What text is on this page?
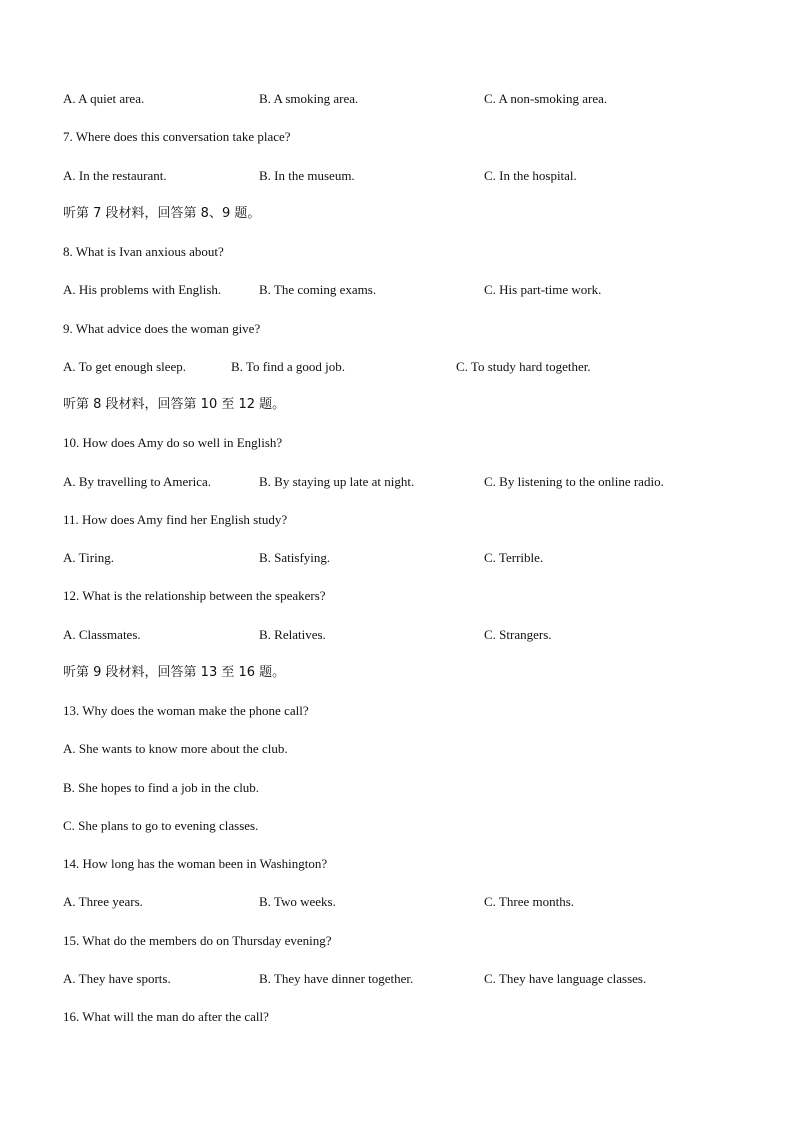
A. A quiet area.	B. A smoking area.	C. A non-smoking area.
7. Where does this conversation take place?
A. In the restaurant.	B. In the museum.	C. In the hospital.
听第 7 段材料，回答第 8、9 题。
8. What is Ivan anxious about?
A. His problems with English.	B. The coming exams.	C. His part-time work.
9. What advice does the woman give?
A. To get enough sleep.	B. To find a good job.	C. To study hard together.
听第 8 段材料，回答第 10 至 12 题。
10. How does Amy do so well in English?
A. By travelling to America.	B. By staying up late at night.	C. By listening to the online radio.
11. How does Amy find her English study?
A. Tiring.	B. Satisfying.	C. Terrible.
12. What is the relationship between the speakers?
A. Classmates.	B. Relatives.	C. Strangers.
听第 9 段材料，回答第 13 至 16 题。
13. Why does the woman make the phone call?
A. She wants to know more about the club.
B. She hopes to find a job in the club.
C. She plans to go to evening classes.
14. How long has the woman been in Washington?
A. Three years.	B. Two weeks.	C. Three months.
15. What do the members do on Thursday evening?
A. They have sports.	B. They have dinner together.	C. They have language classes.
16. What will the man do after the call?
